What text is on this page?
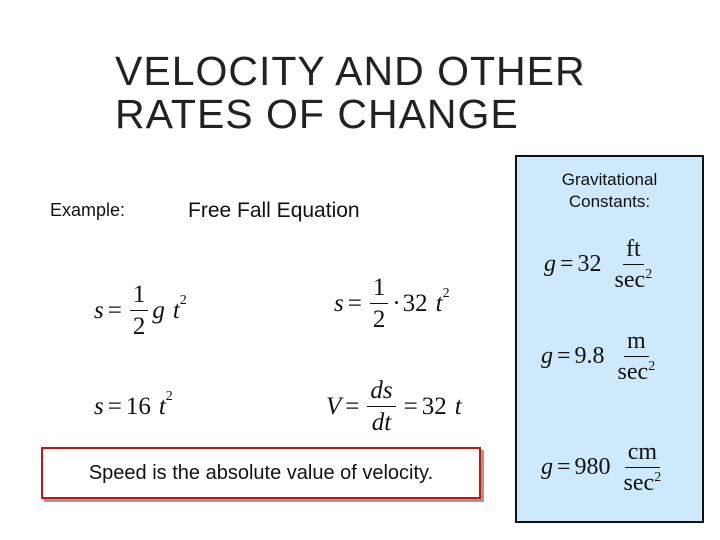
VELOCITY AND OTHER
RATES OF CHANGE
Example:	Free Fall Equation
$s = \frac{1}{2}$ g $t^2$	$s = \frac{1}{2} \cdot 32$ $t^2$
s = 16 $t^2$	$V = \frac{ds}{dt} = 32$ t
Speed is the absolute value of velocity.
Gravitational
Constants:
$g = 32 \frac{ft}{\sec^2}$
$g = 9.8 \frac{m}{\sec^2}$
$g = 980 \frac{cm}{\sec^2}$
